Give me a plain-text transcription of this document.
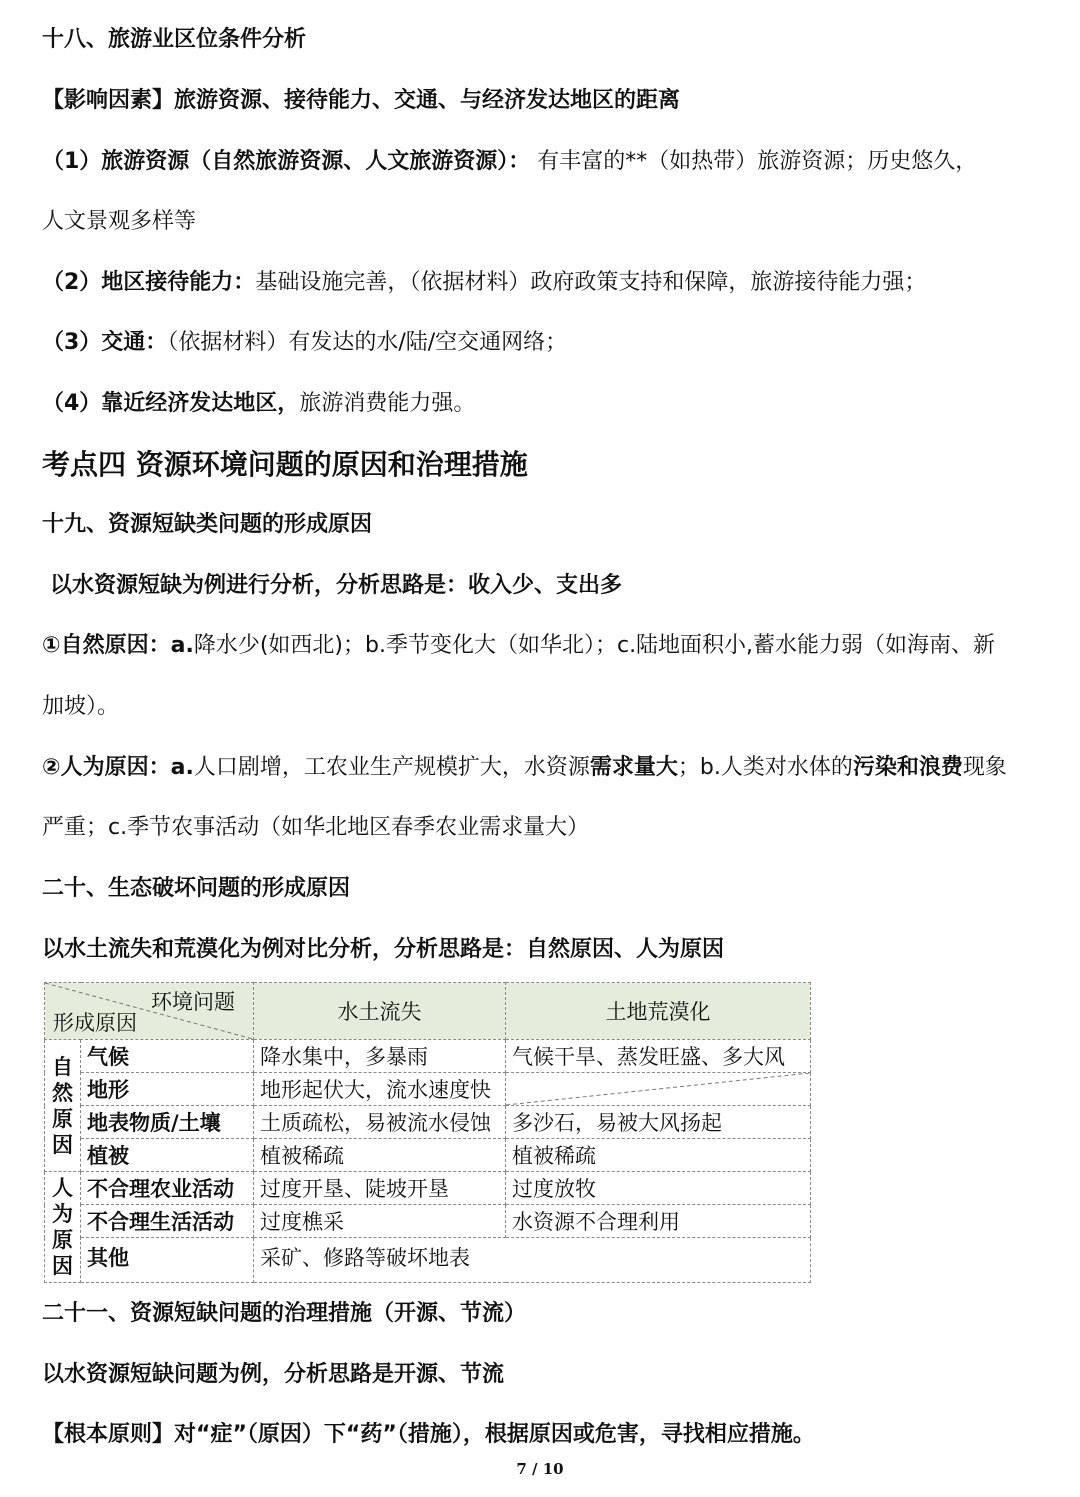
十八、旅游业区位条件分析
【影响因素】旅游资源、接待能力、交通、与经济发达地区的距离
（1）旅游资源（自然旅游资源、人文旅游资源）： 有丰富的**（如热带）旅游资源；历史悠久，
人文景观多样等
（2）地区接待能力：基础设施完善，（依据材料）政府政策支持和保障，旅游接待能力强；
（3）交通：（依据材料）有发达的水/陆/空交通网络；
（4）靠近经济发达地区，旅游消费能力强。
考点四 资源环境问题的原因和治理措施
十九、资源短缺类问题的形成原因
以水资源短缺为例进行分析，分析思路是：收入少、支出多
①自然原因：a.降水少(如西北)；b.季节变化大（如华北）；c.陆地面积小,蓄水能力弱（如海南、新
加坡）。
②人为原因：a.人口剧增，工农业生产规模扩大，水资源需求量大；b.人类对水体的污染和浪费现象
严重；c.季节农事活动（如华北地区春季农业需求量大）
二十、生态破坏问题的形成原因
以水土流失和荒漠化为例对比分析，分析思路是：自然原因、人为原因
环境问题
形成原因		水土流失	土地荒漠化

自
然
原
因	气候	降水集中，多暴雨	气候干旱、蒸发旺盛、多大风
	地形	地形起伏大，流水速度快	

	地表物质/土壤	土质疏松，易被流水侵蚀	多沙石，易被大风扬起
	植被	植被稀疏	植被稀疏

人
为
原
因	不合理农业活动	过度开垦、陡坡开垦	过度放牧
	不合理生活活动	过度樵采	水资源不合理利用
	其他	采矿、修路等破坏地表	
二十一、资源短缺问题的治理措施（开源、节流）
以水资源短缺问题为例，分析思路是开源、节流
【根本原则】对“症”（原因）下“药”（措施），根据原因或危害，寻找相应措施。
7 / 10
